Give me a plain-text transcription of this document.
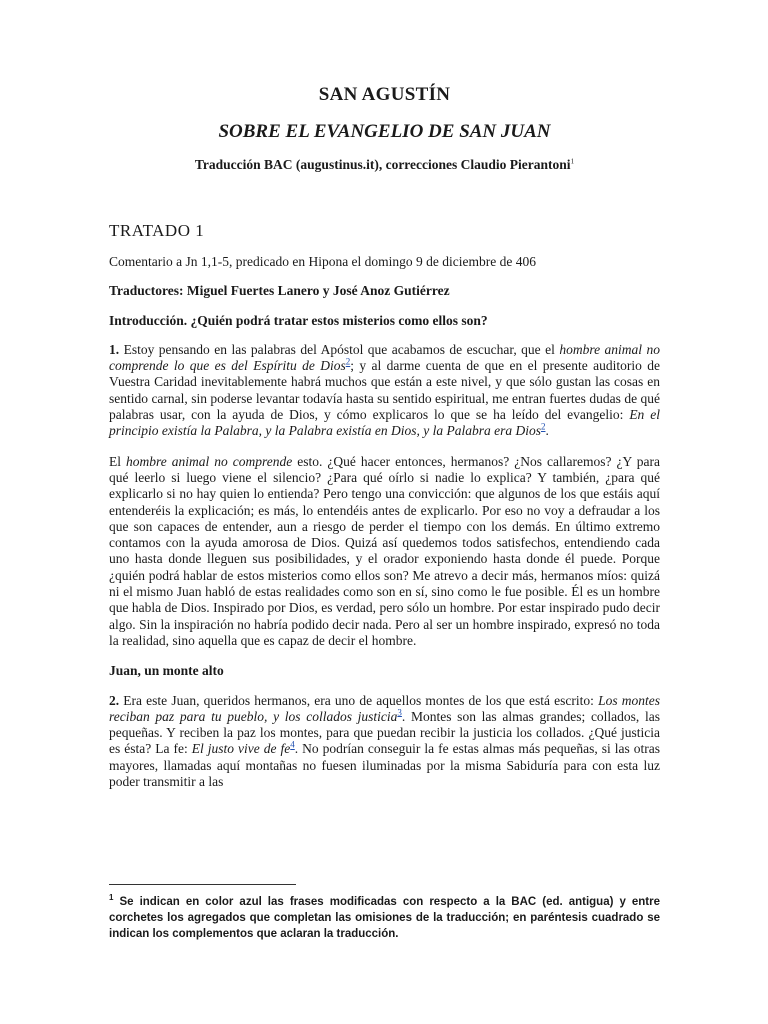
SAN AGUSTÍN
SOBRE EL EVANGELIO DE SAN JUAN
Traducción BAC (augustinus.it), correcciones Claudio Pierantoni$^1$
TRATADO 1

Comentario a Jn 1,1-5, predicado en Hipona el domingo 9 de diciembre de 406

Traductores: Miguel Fuertes Lanero y José Anoz Gutiérrez

Introducción. ¿Quién podrá tratar estos misterios como ellos son?

1. Estoy pensando en las palabras del Apóstol que acabamos de escuchar, que el hombre animal no comprende lo que es del Espíritu de Dios$^2$; y al darme cuenta de que en el presente auditorio de Vuestra Caridad inevitablemente habrá muchos que están a este nivel, y que sólo gustan las cosas en sentido carnal, sin poderse levantar todavía hasta su sentido espiritual, me entran fuertes dudas de qué palabras usar, con la ayuda de Dios, y cómo explicaros lo que se ha leído del evangelio: En el principio existía la Palabra, y la Palabra existía en Dios, y la Palabra era Dios$^2$.

El hombre animal no comprende esto. ¿Qué hacer entonces, hermanos? ¿Nos callaremos? ¿Y para qué leerlo si luego viene el silencio? ¿Para qué oírlo si nadie lo explica? Y también, ¿para qué explicarlo si no hay quien lo entienda? Pero tengo una convicción: que algunos de los que estáis aquí entenderéis la explicación; es más, lo entendéis antes de explicarlo. Por eso no voy a defraudar a los que son capaces de entender, aun a riesgo de perder el tiempo con los demás. En último extremo contamos con la ayuda amorosa de Dios. Quizá así quedemos todos satisfechos, entendiendo cada uno hasta donde lleguen sus posibilidades, y el orador exponiendo hasta donde él puede. Porque ¿quién podrá hablar de estos misterios como ellos son? Me atrevo a decir más, hermanos míos: quizá ni el mismo Juan habló de estas realidades como son en sí, sino como le fue posible. Él es un hombre que habla de Dios. Inspirado por Dios, es verdad, pero sólo un hombre. Por estar inspirado pudo decir algo. Sin la inspiración no habría podido decir nada. Pero al ser un hombre inspirado, expresó no toda la realidad, sino aquella que es capaz de decir el hombre.

Juan, un monte alto

2. Era este Juan, queridos hermanos, era uno de aquellos montes de los que está escrito: Los montes reciban paz para tu pueblo, y los collados justicia$^3$. Montes son las almas grandes; collados, las pequeñas. Y reciben la paz los montes, para que puedan recibir la justicia los collados. ¿Qué justicia es ésta? La fe: El justo vive de fe$^4$. No podrían conseguir la fe estas almas más pequeñas, si las otras mayores, llamadas aquí montañas no fuesen iluminadas por la misma Sabiduría para con esta luz poder transmitir a las

$^1$ Se indican en color azul las frases modificadas con respecto a la BAC (ed. antigua) y entre corchetes los agregados que completan las omisiones de la traducción; en paréntesis cuadrado se indican los complementos que aclaran la traducción.
